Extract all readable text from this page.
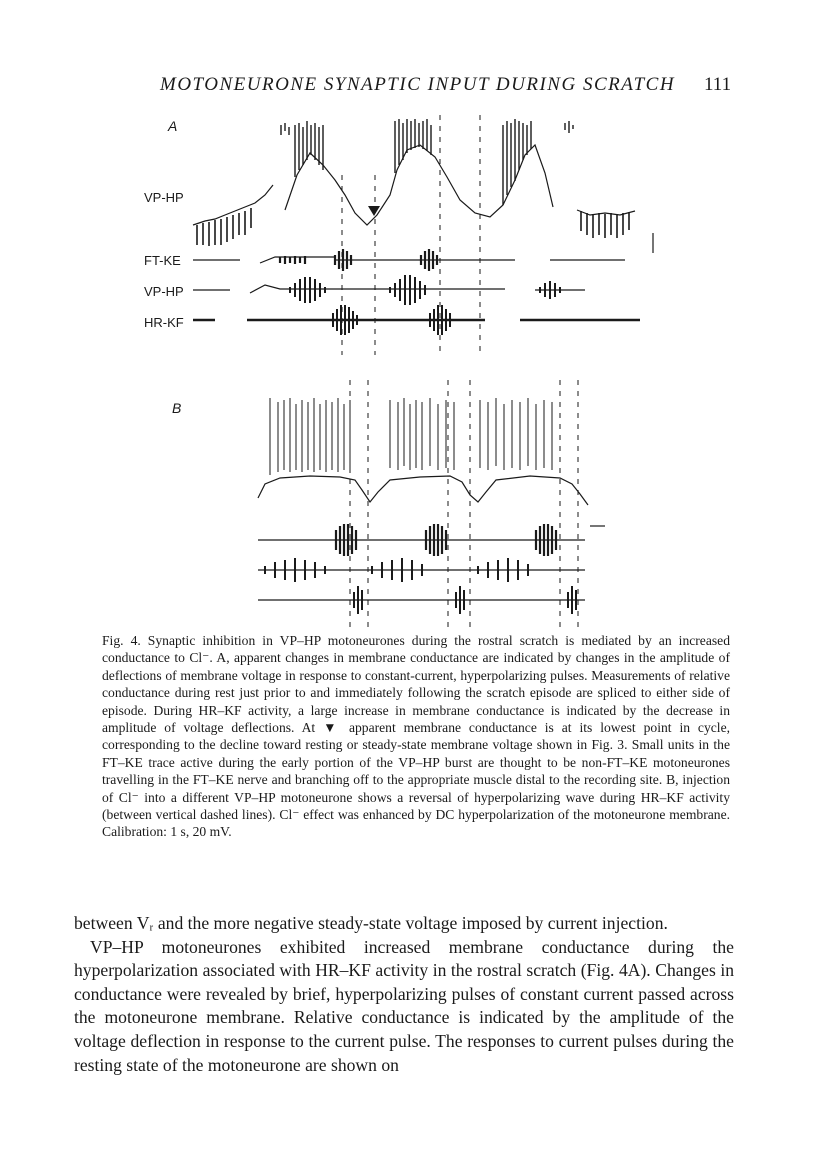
MOTONEURONE SYNAPTIC INPUT DURING SCRATCH 111
A
VP-HP
FT-KE
VP-HP
HR-KF
B

Fig. 4. Synaptic inhibition in VP–HP motoneurones during the rostral scratch is mediated by an increased conductance to Cl⁻. A, apparent changes in membrane conductance are indicated by changes in the amplitude of deflections of membrane voltage in response to constant-current, hyperpolarizing pulses. Measurements of relative conductance during rest just prior to and immediately following the scratch episode are spliced to either side of episode. During HR–KF activity, a large increase in membrane conductance is indicated by the decrease in amplitude of voltage deflections. At ▼ apparent membrane conductance is at its lowest point in cycle, corresponding to the decline toward resting or steady-state membrane voltage shown in Fig. 3. Small units in the FT–KE trace active during the early portion of the VP–HP burst are thought to be non-FT–KE motoneurones travelling in the FT–KE nerve and branching off to the appropriate muscle distal to the recording site. B, injection of Cl⁻ into a different VP–HP motoneurone shows a reversal of hyperpolarizing wave during HR–KF activity (between vertical dashed lines). Cl⁻ effect was enhanced by DC hyperpolarization of the motoneurone membrane. Calibration: 1 s, 20 mV.

between Vᵣ and the more negative steady-state voltage imposed by current injection.

VP–HP motoneurones exhibited increased membrane conductance during the hyperpolarization associated with HR–KF activity in the rostral scratch (Fig. 4A). Changes in conductance were revealed by brief, hyperpolarizing pulses of constant current passed across the motoneurone membrane. Relative conductance is indicated by the amplitude of the voltage deflection in response to the current pulse. The responses to current pulses during the resting state of the motoneurone are shown on
